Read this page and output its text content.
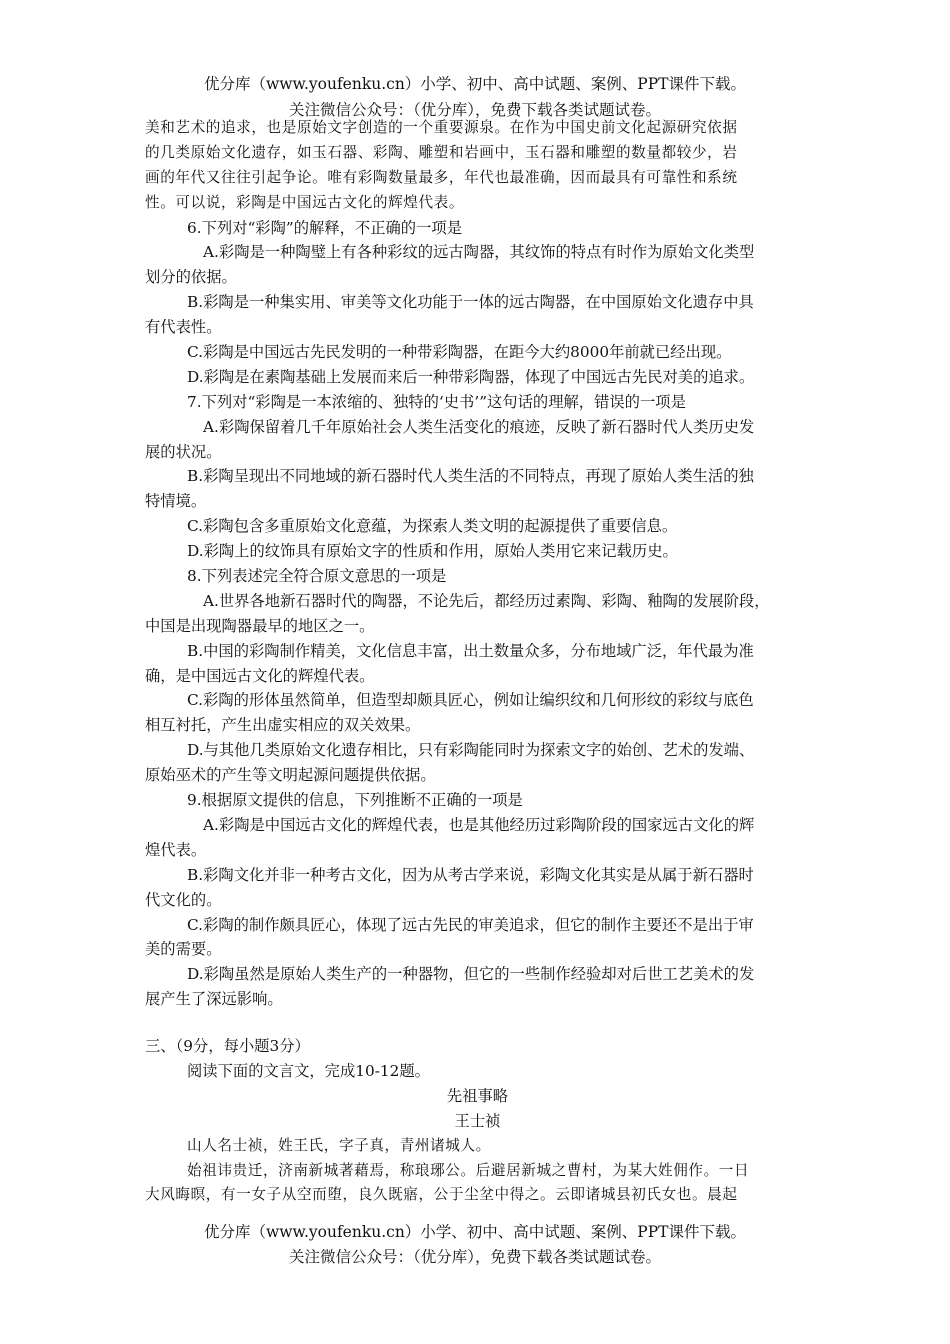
优分库（www.youfenku.cn）小学、初中、高中试题、案例、PPT课件下载。
关注微信公众号：（优分库），免费下载各类试题试卷。
美和艺术的追求，也是原始文字创造的一个重要源泉。在作为中国史前文化起源研究依据
的几类原始文化遗存，如玉石器、彩陶、雕塑和岩画中，玉石器和雕塑的数量都较少，岩
画的年代又往往引起争论。唯有彩陶数量最多，年代也最准确，因而最具有可靠性和系统
性。可以说，彩陶是中国远古文化的辉煌代表。
6.下列对“彩陶”的解释，不正确的一项是
A.彩陶是一种陶璧上有各种彩纹的远古陶器，其纹饰的特点有时作为原始文化类型
划分的依据。
B.彩陶是一种集实用、审美等文化功能于一体的远古陶器，在中国原始文化遗存中具
有代表性。
C.彩陶是中国远古先民发明的一种带彩陶器，在距今大约8000年前就已经出现。
D.彩陶是在素陶基础上发展而来后一种带彩陶器，体现了中国远古先民对美的追求。
7.下列对“彩陶是一本浓缩的、独特的‘史书’”这句话的理解，错误的一项是
A.彩陶保留着几千年原始社会人类生活变化的痕迹，反映了新石器时代人类历史发
展的状况。
B.彩陶呈现出不同地域的新石器时代人类生活的不同特点，再现了原始人类生活的独
特情境。
C.彩陶包含多重原始文化意蕴，为探索人类文明的起源提供了重要信息。
D.彩陶上的纹饰具有原始文字的性质和作用，原始人类用它来记载历史。
8.下列表述完全符合原文意思的一项是
A.世界各地新石器时代的陶器，不论先后，都经历过素陶、彩陶、釉陶的发展阶段，
中国是出现陶器最早的地区之一。
B.中国的彩陶制作精美，文化信息丰富，出土数量众多，分布地域广泛，年代最为准
确，是中国远古文化的辉煌代表。
C.彩陶的形体虽然简单，但造型却颇具匠心，例如让编织纹和几何形纹的彩纹与底色
相互衬托，产生出虚实相应的双关效果。
D.与其他几类原始文化遗存相比，只有彩陶能同时为探索文字的始创、艺术的发端、
原始巫术的产生等文明起源问题提供依据。
9.根据原文提供的信息，下列推断不正确的一项是
A.彩陶是中国远古文化的辉煌代表，也是其他经历过彩陶阶段的国家远古文化的辉
煌代表。
B.彩陶文化并非一种考古文化，因为从考古学来说，彩陶文化其实是从属于新石器时
代文化的。
C.彩陶的制作颇具匠心，体现了远古先民的审美追求，但它的制作主要还不是出于审
美的需要。
D.彩陶虽然是原始人类生产的一种器物，但它的一些制作经验却对后世工艺美术的发
展产生了深远影响。
三、（9分，每小题3分）
阅读下面的文言文，完成10-12题。
先祖事略
王士祯
山人名士祯，姓王氏，字子真，青州诸城人。
始祖讳贵迁，济南新城著藉焉，称琅琊公。后避居新城之曹村，为某大姓佣作。一日
大风晦暝，有一女子从空而堕，良久既寤，公于尘坌中得之。云即诸城县初氏女也。晨起
优分库（www.youfenku.cn）小学、初中、高中试题、案例、PPT课件下载。
关注微信公众号：（优分库），免费下载各类试题试卷。
